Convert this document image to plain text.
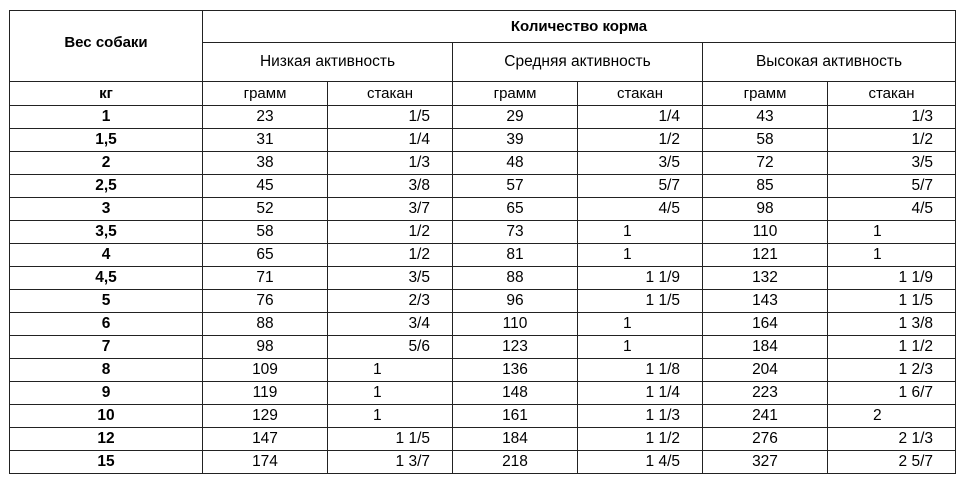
Вес собаки	Количество корма					
	Низкая активность		Средняя активность		Высокая активность	
кг	грамм	стакан	грамм	стакан	грамм	стакан
1	23	1/5	29	1/4	43	1/3
1,5	31	1/4	39	1/2	58	1/2
2	38	1/3	48	3/5	72	3/5
2,5	45	3/8	57	5/7	85	5/7
3	52	3/7	65	4/5	98	4/5
3,5	58	1/2	73	1	110	1
4	65	1/2	81	1	121	1
4,5	71	3/5	88	1 1/9	132	1 1/9
5	76	2/3	96	1 1/5	143	1 1/5
6	88	3/4	110	1	164	1 3/8
7	98	5/6	123	1	184	1 1/2
8	109	1	136	1 1/8	204	1 2/3
9	119	1	148	1 1/4	223	1 6/7
10	129	1	161	1 1/3	241	2
12	147	1 1/5	184	1 1/2	276	2 1/3
15	174	1 3/7	218	1 4/5	327	2 5/7
